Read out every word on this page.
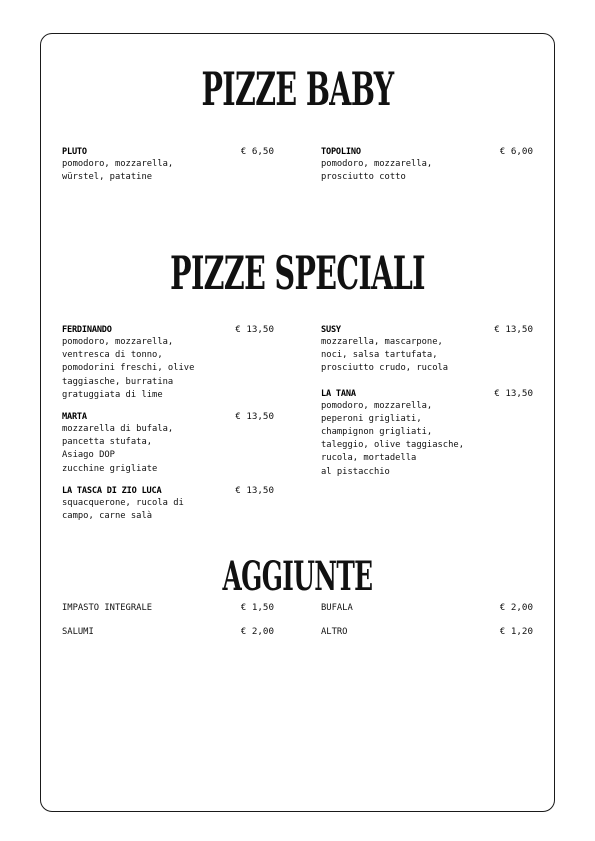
PIZZE BABY
PLUTO	€ 6,50
pomodoro, mozzarella,
würstel, patatine
TOPOLINO	€ 6,00
pomodoro, mozzarella,
prosciutto cotto
PIZZE SPECIALI
FERDINANDO	€ 13,50
pomodoro, mozzarella,
ventresca di tonno,
pomodorini freschi, olive
taggiasche, burratina
gratuggiata di lime
MARTA	€ 13,50
mozzarella di bufala,
pancetta stufata,
Asiago DOP
zucchine grigliate
LA TASCA DI ZIO LUCA	€ 13,50
squacquerone, rucola di
campo, carne salà
SUSY	€ 13,50
mozzarella, mascarpone,
noci, salsa tartufata,
prosciutto crudo, rucola
LA TANA	€ 13,50
pomodoro, mozzarella,
peperoni grigliati,
champignon grigliati,
taleggio, olive taggiasche,
rucola, mortadella
al pistacchio
AGGIUNTE
IMPASTO INTEGRALE	€ 1,50
SALUMI	€ 2,00
BUFALA	€ 2,00
ALTRO	€ 1,20
